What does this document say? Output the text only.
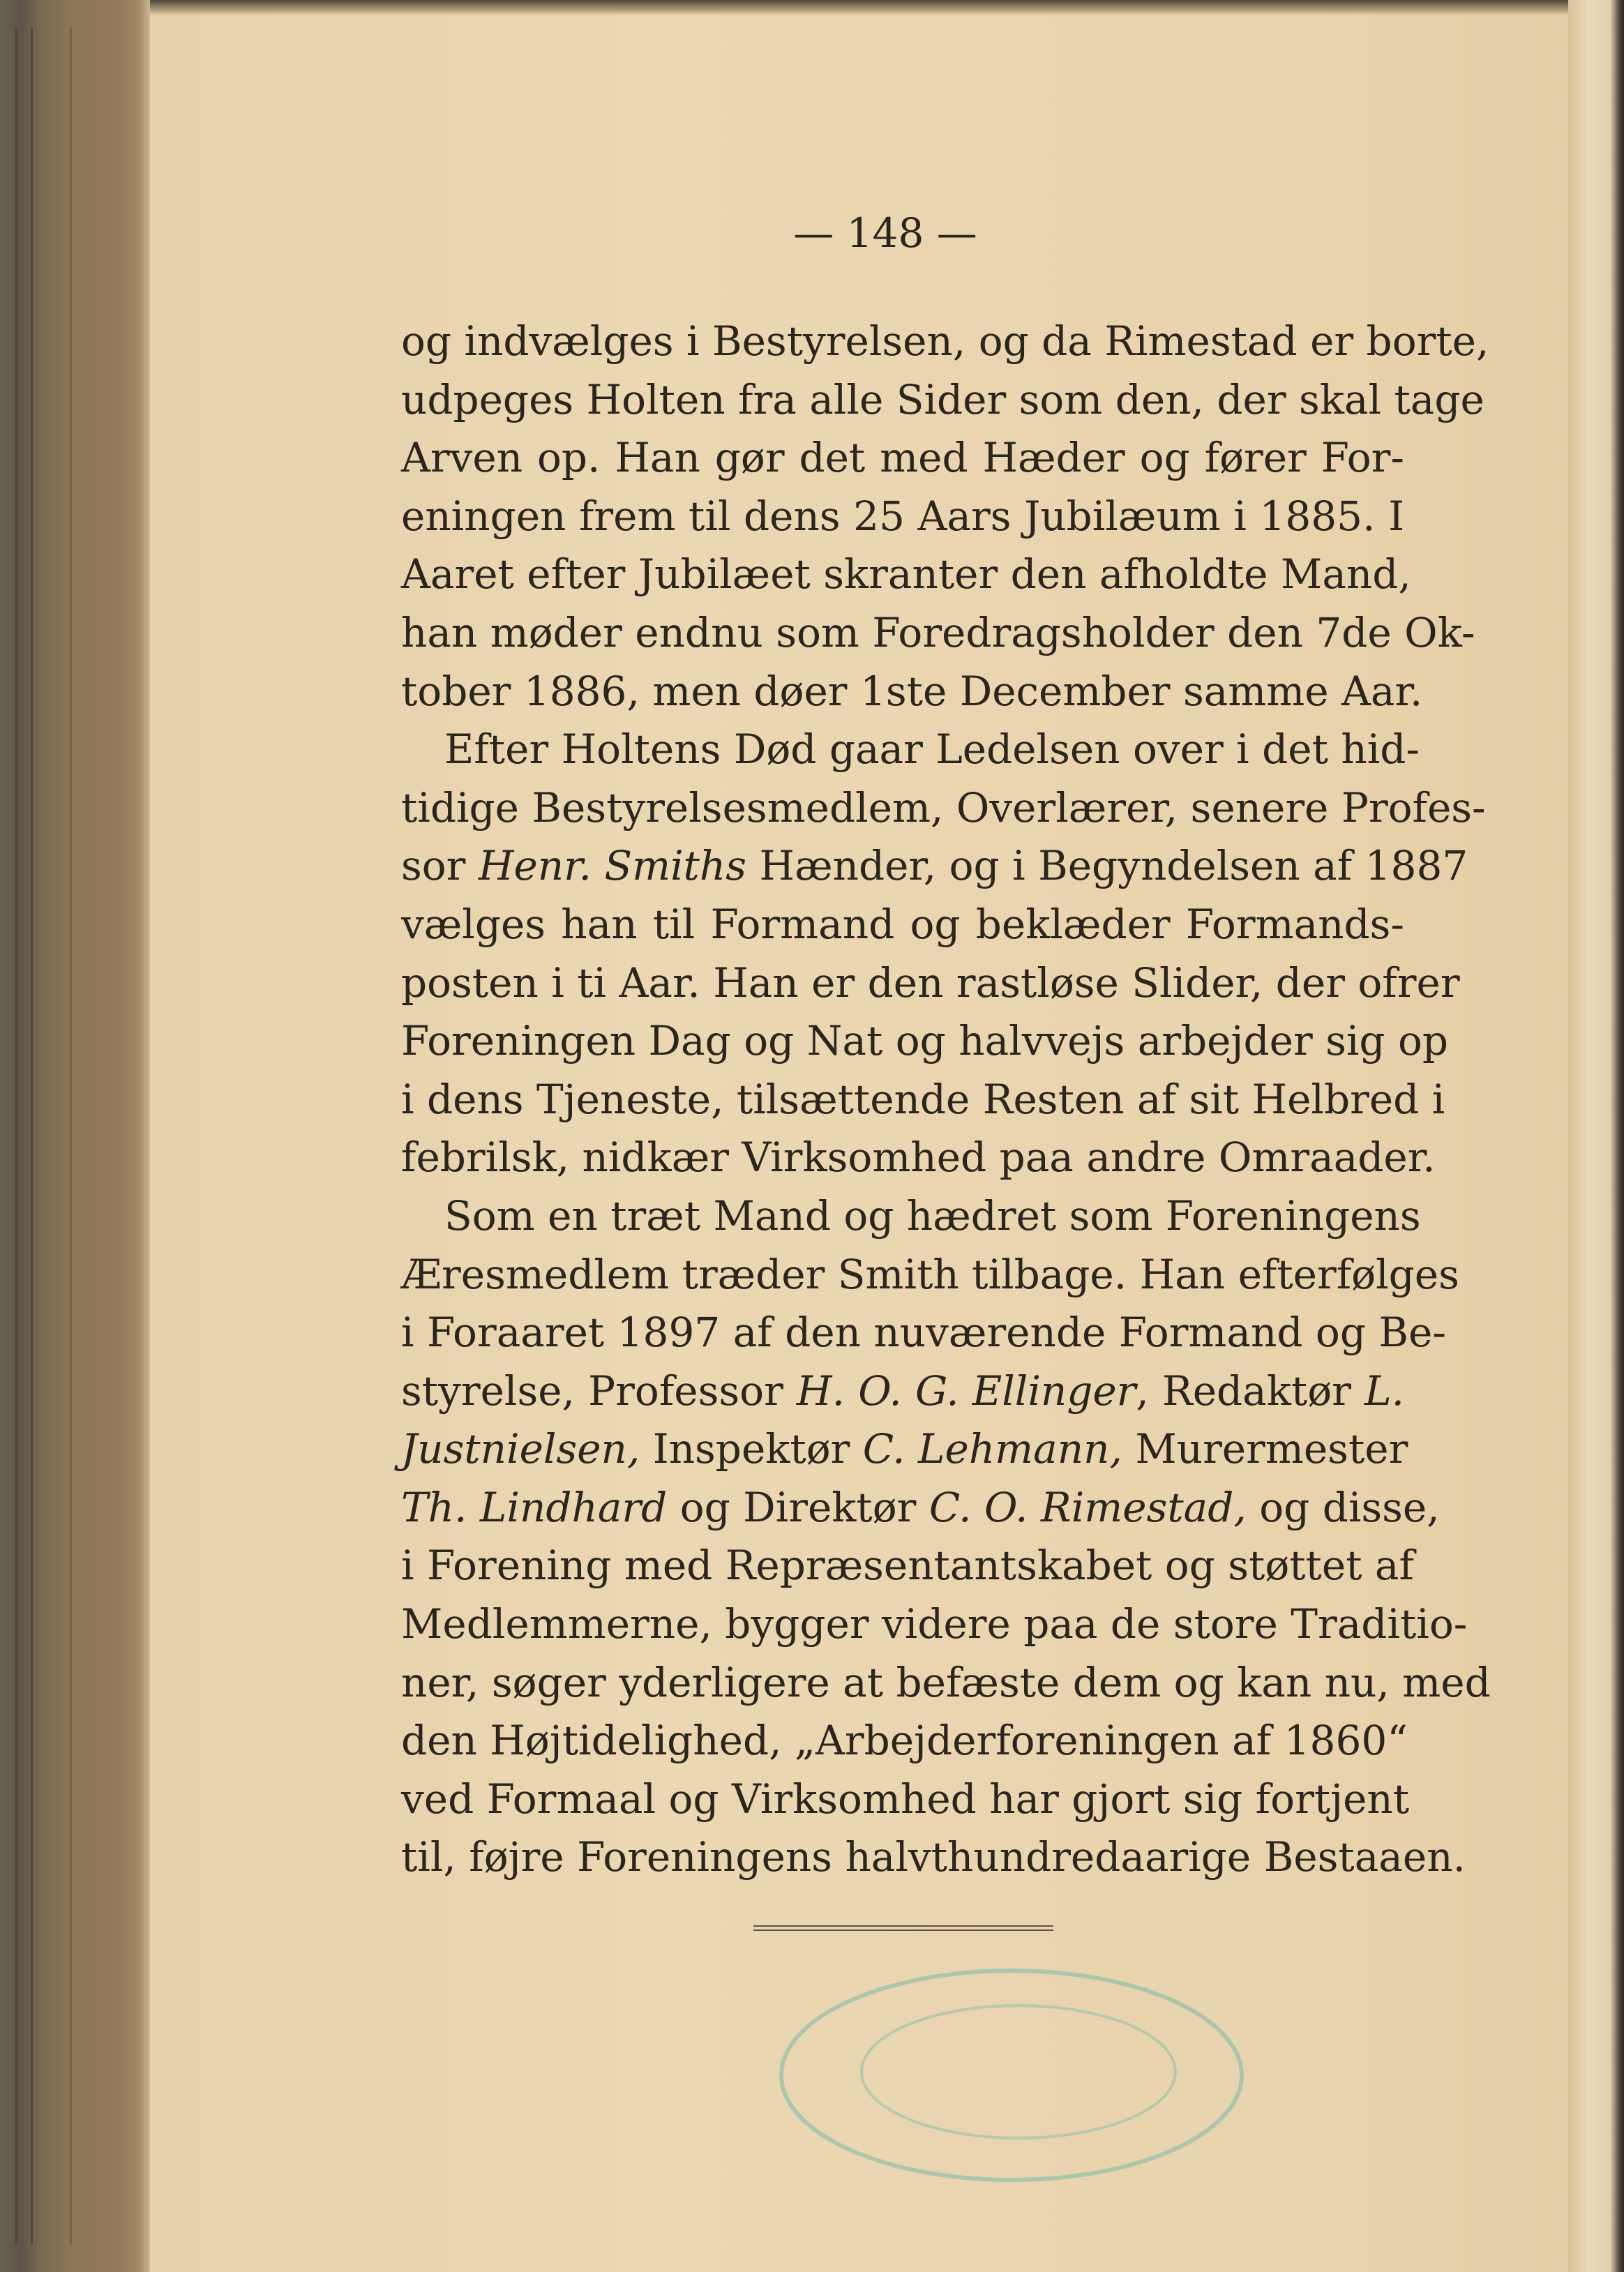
— 148 —
og indvælges i Bestyrelsen, og da Rimestad er borte,
udpeges Holten fra alle Sider som den, der skal tage
Arven op. Han gør det med Hæder og fører For-
eningen frem til dens 25 Aars Jubilæum i 1885. I
Aaret efter Jubilæet skranter den afholdte Mand,
han møder endnu som Foredragsholder den 7de Ok-
tober 1886, men døer 1ste December samme Aar.
Efter Holtens Død gaar Ledelsen over i det hid-
tidige Bestyrelsesmedlem, Overlærer, senere Profes-
sor Henr. Smiths Hænder, og i Begyndelsen af 1887
vælges han til Formand og beklæder Formands-
posten i ti Aar. Han er den rastløse Slider, der ofrer
Foreningen Dag og Nat og halvvejs arbejder sig op
i dens Tjeneste, tilsættende Resten af sit Helbred i
febrilsk, nidkær Virksomhed paa andre Omraader.
Som en træt Mand og hædret som Foreningens
Æresmedlem træder Smith tilbage. Han efterfølges
i Foraaret 1897 af den nuværende Formand og Be-
styrelse, Professor H. O. G. Ellinger, Redaktør L.
Justnielsen, Inspektør C. Lehmann, Murermester
Th. Lindhard og Direktør C. O. Rimestad, og disse,
i Forening med Repræsentantskabet og støttet af
Medlemmerne, bygger videre paa de store Traditio-
ner, søger yderligere at befæste dem og kan nu, med
den Højtidelighed, „Arbejderforeningen af 1860“
ved Formaal og Virksomhed har gjort sig fortjent
til, føjre Foreningens halvthundredaarige Bestaaen.
